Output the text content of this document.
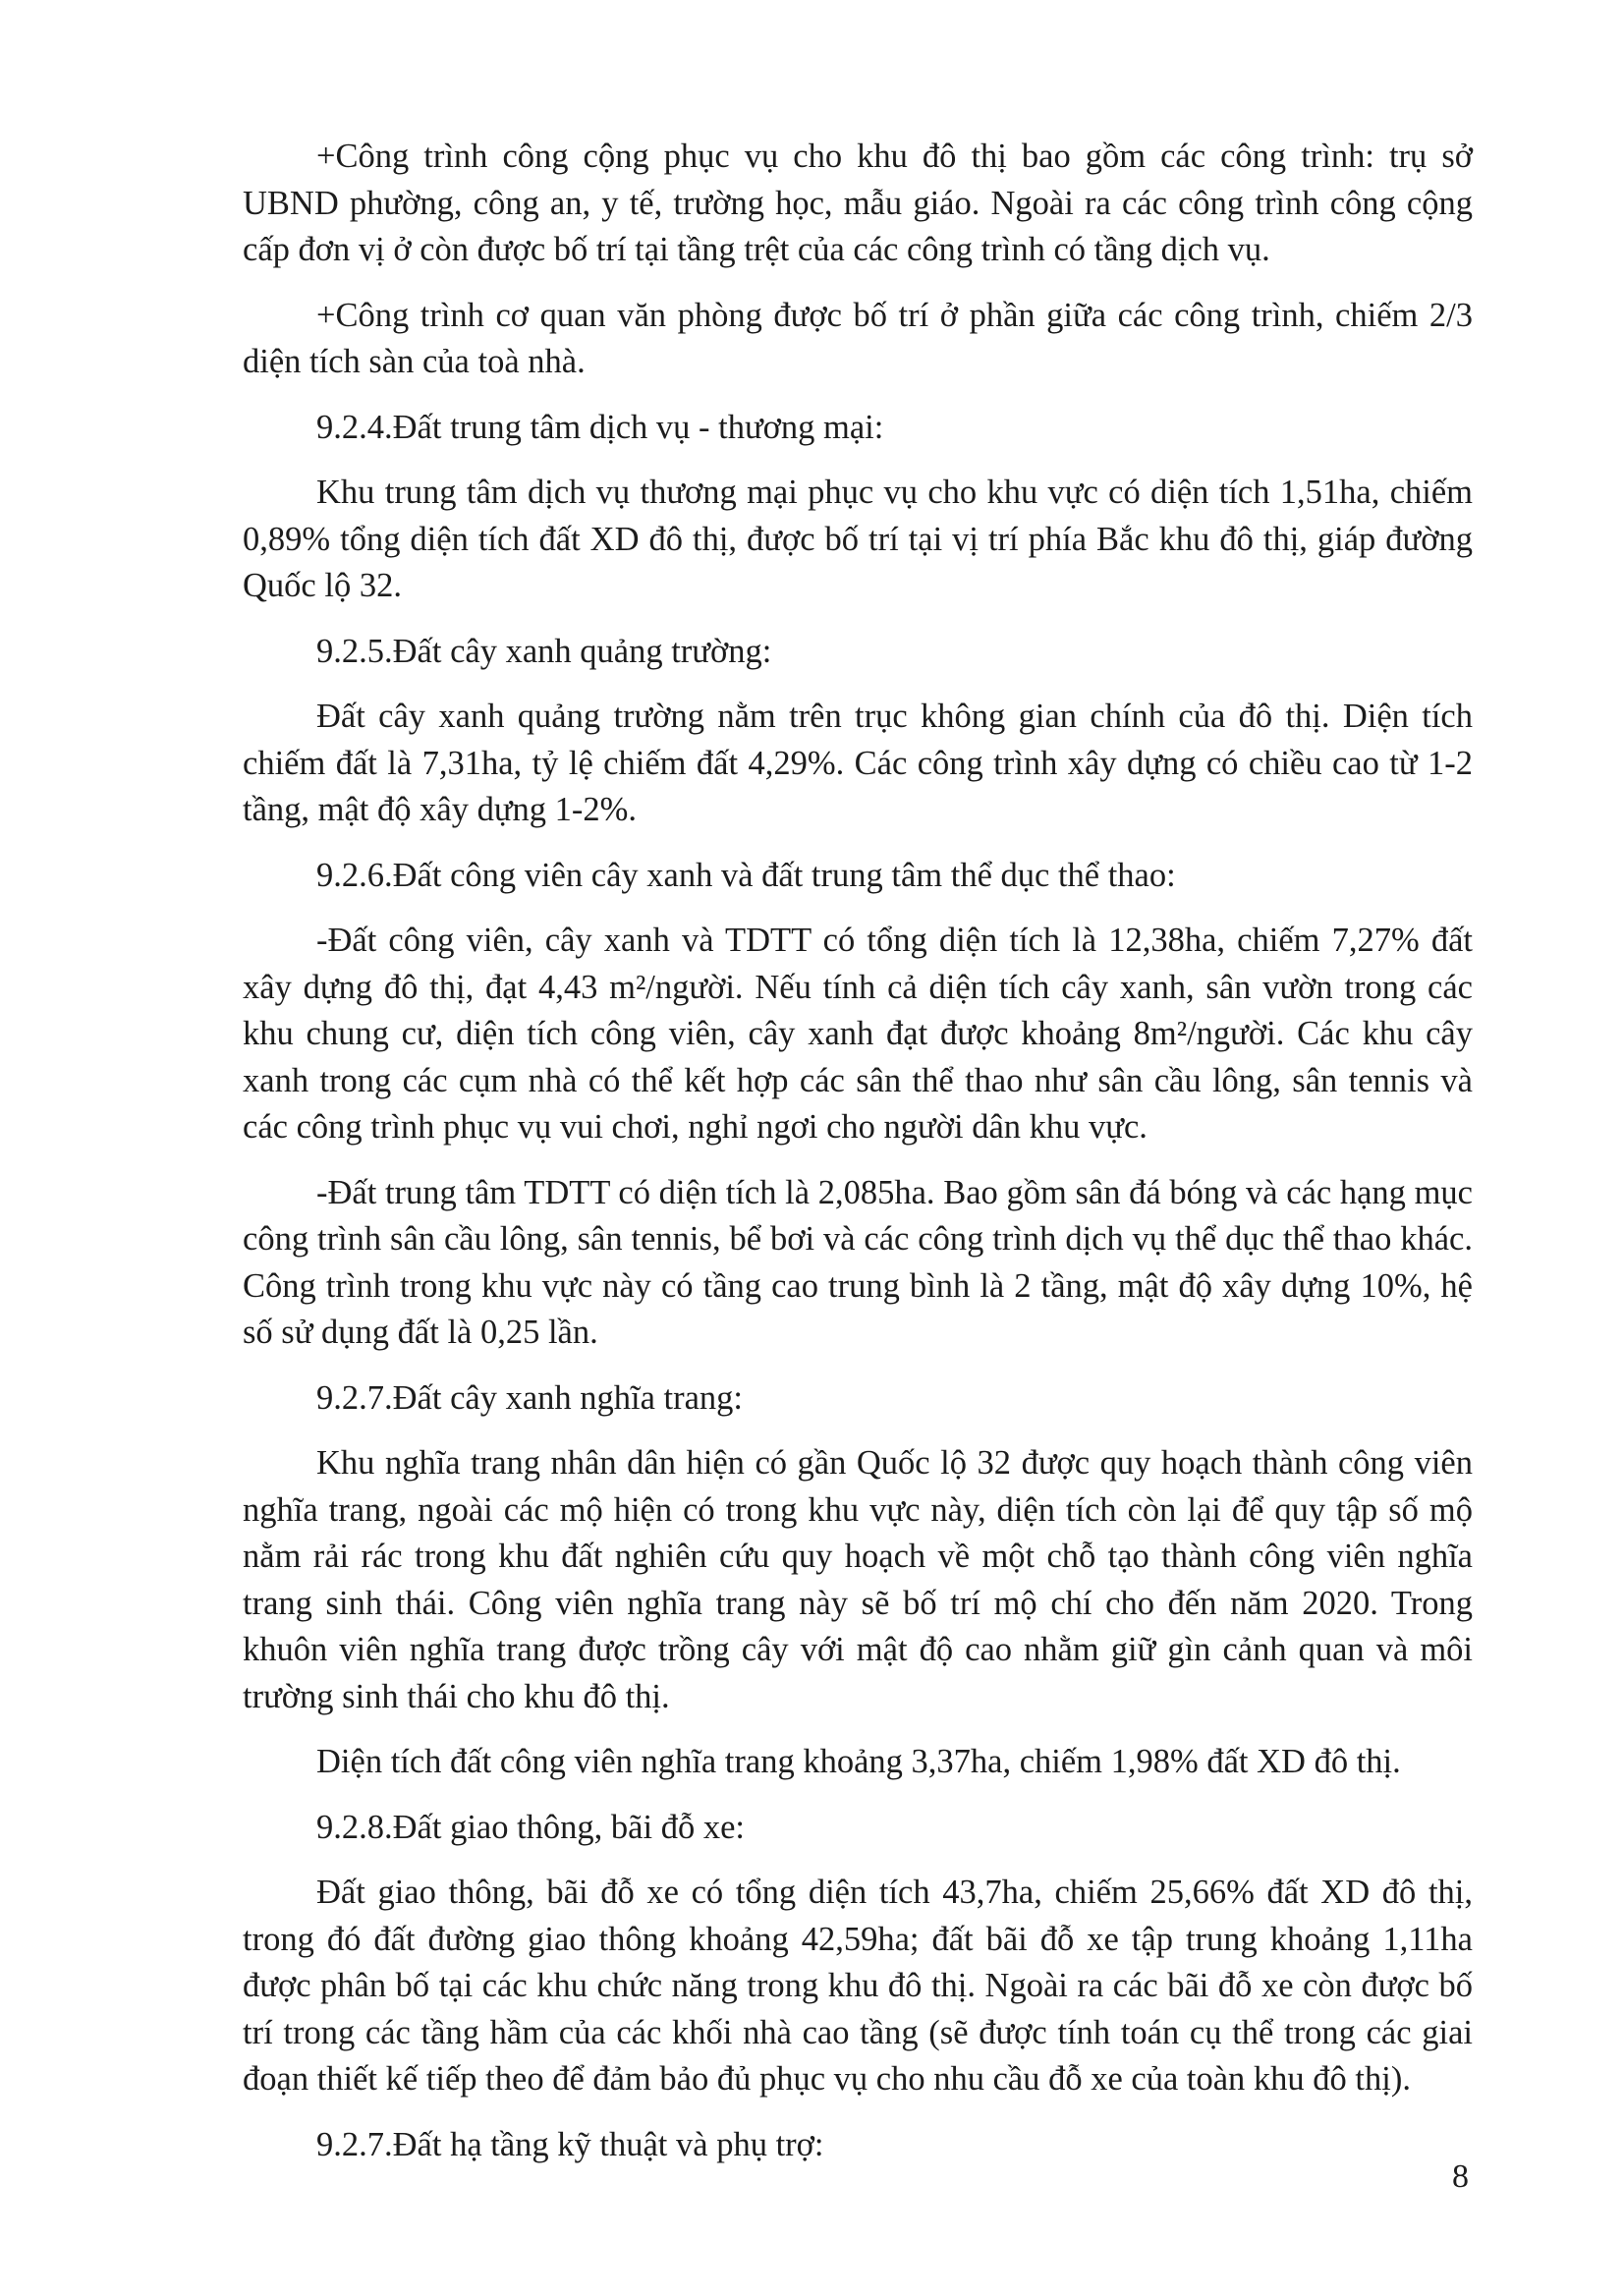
+Công trình công cộng phục vụ cho khu đô thị bao gồm các công trình: trụ sở UBND phường, công an, y tế, trường học, mẫu giáo. Ngoài ra các công trình công cộng cấp đơn vị ở còn được bố trí tại tầng trệt của các công trình có tầng dịch vụ.

+Công trình cơ quan văn phòng được bố trí ở phần giữa các công trình, chiếm 2/3 diện tích sàn của toà nhà.

9.2.4.Đất trung tâm dịch vụ - thương mại:

Khu trung tâm dịch vụ thương mại phục vụ cho khu vực có diện tích 1,51ha, chiếm 0,89% tổng diện tích đất XD đô thị, được bố trí tại vị trí phía Bắc khu đô thị, giáp đường Quốc lộ 32.

9.2.5.Đất cây xanh quảng trường:

Đất cây xanh quảng trường nằm trên trục không gian chính của đô thị. Diện tích chiếm đất là 7,31ha, tỷ lệ chiếm đất 4,29%. Các công trình xây dựng có chiều cao từ 1-2 tầng, mật độ xây dựng 1-2%.

9.2.6.Đất công viên cây xanh và đất trung tâm thể dục thể thao:

-Đất công viên, cây xanh và TDTT có tổng diện tích là 12,38ha, chiếm 7,27% đất xây dựng đô thị, đạt 4,43 m²/người. Nếu tính cả diện tích cây xanh, sân vườn trong các khu chung cư, diện tích công viên, cây xanh đạt được khoảng 8m²/người. Các khu cây xanh trong các cụm nhà có thể kết hợp các sân thể thao như sân cầu lông, sân tennis và các công trình phục vụ vui chơi, nghỉ ngơi cho người dân khu vực.

-Đất trung tâm TDTT có diện tích là 2,085ha. Bao gồm sân đá bóng và các hạng mục công trình sân cầu lông, sân tennis, bể bơi và các công trình dịch vụ thể dục thể thao khác. Công trình trong khu vực này có tầng cao trung bình là 2 tầng, mật độ xây dựng 10%, hệ số sử dụng đất là 0,25 lần.

9.2.7.Đất cây xanh nghĩa trang:

Khu nghĩa trang nhân dân hiện có gần Quốc lộ 32 được quy hoạch thành công viên nghĩa trang, ngoài các mộ hiện có trong khu vực này, diện tích còn lại để quy tập số mộ nằm rải rác trong khu đất nghiên cứu quy hoạch về một chỗ tạo thành công viên nghĩa trang sinh thái. Công viên nghĩa trang này sẽ bố trí mộ chí cho đến năm 2020. Trong khuôn viên nghĩa trang được trồng cây với mật độ cao nhằm giữ gìn cảnh quan và môi trường sinh thái cho khu đô thị.

Diện tích đất công viên nghĩa trang khoảng 3,37ha, chiếm 1,98% đất XD đô thị.

9.2.8.Đất giao thông, bãi đỗ xe:

Đất giao thông, bãi đỗ xe có tổng diện tích 43,7ha, chiếm 25,66% đất XD đô thị, trong đó đất đường giao thông khoảng 42,59ha; đất bãi đỗ xe tập trung khoảng 1,11ha được phân bố tại các khu chức năng trong khu đô thị. Ngoài ra các bãi đỗ xe còn được bố trí trong các tầng hầm của các khối nhà cao tầng (sẽ được tính toán cụ thể trong các giai đoạn thiết kế tiếp theo để đảm bảo đủ phục vụ cho nhu cầu đỗ xe của toàn khu đô thị).

9.2.7.Đất hạ tầng kỹ thuật và phụ trợ:

8
